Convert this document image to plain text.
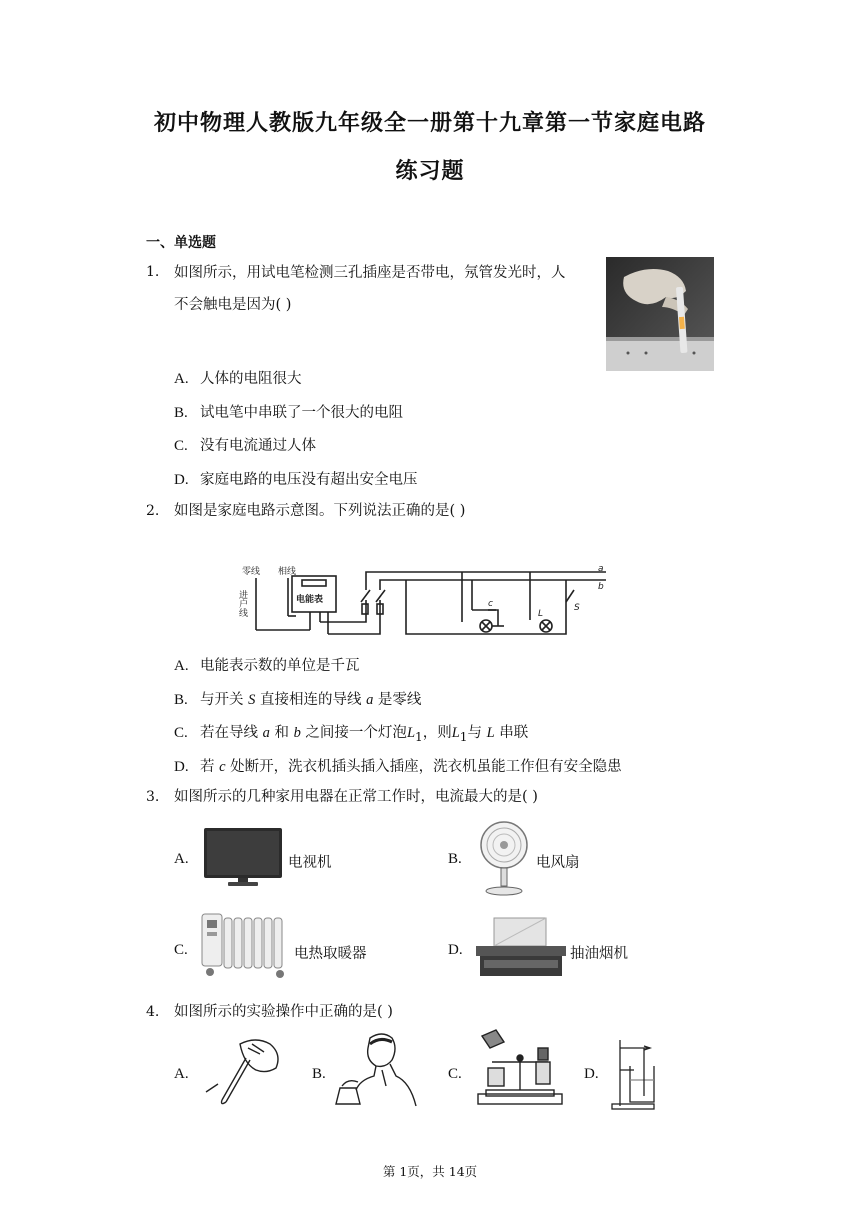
初中物理人教版九年级全一册第十九章第一节家庭电路
练习题
一、单选题
1. 如图所示，用试电笔检测三孔插座是否带电，氖管发光时，人
不会触电是因为( )
A. 人体的电阻很大
B. 试电笔中串联了一个很大的电阻
C. 没有电流通过人体
D. 家庭电路的电压没有超出安全电压
2. 如图是家庭电路示意图。下列说法正确的是( )
零线 相线
进户线	电能表
a
b
c
L
S
A. 电能表示数的单位是千瓦
B. 与开关 S 直接相连的导线 a 是零线
C. 若在导线 a 和 b 之间接一个灯泡$L_1$，则$L_1$与 L 串联
D. 若 c 处断开，洗衣机插头插入插座，洗衣机虽能工作但有安全隐患
3. 如图所示的几种家用电器在正常工作时，电流最大的是( )
A.	电视机	B.	电风扇
C.	电热取暖器	D.	抽油烟机
4. 如图所示的实验操作中正确的是( )
A.	B.	C.	D.
第 1页，共 14页
